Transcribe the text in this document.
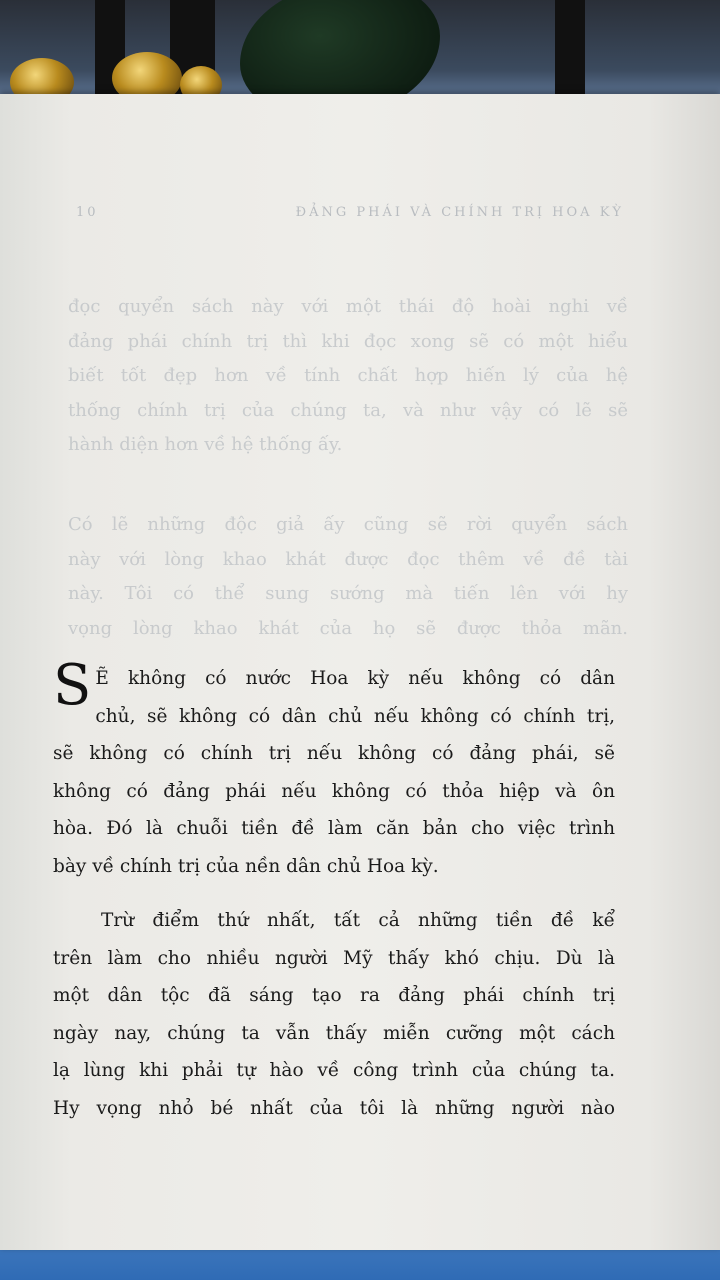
10	ĐẢNG PHÁI VÀ CHÍNH TRỊ HOA KỲ
đọc quyển sách này với một thái độ hoài nghi về
đảng phái chính trị thì khi đọc xong sẽ có một hiểu
biết tốt đẹp hơn về tính chất hợp hiến lý của hệ
thống chính trị của chúng ta, và như vậy có lẽ sẽ
hành diện hơn về hệ thống ấy.
Có lẽ những độc giả ấy cũng sẽ rời quyển sách
này với lòng khao khát được đọc thêm về đề tài
này. Tôi có thể sung sướng mà tiến lên với hy
vọng lòng khao khát của họ sẽ được thỏa mãn.
S Ẽ không có nước Hoa kỳ nếu không có dân
chủ, sẽ không có dân chủ nếu không có chính trị,
sẽ không có chính trị nếu không có đảng phái, sẽ
không có đảng phái nếu không có thỏa hiệp và ôn
hòa. Đó là chuỗi tiền đề làm căn bản cho việc trình
bày về chính trị của nền dân chủ Hoa kỳ.
Trừ điểm thứ nhất, tất cả những tiền đề kể
trên làm cho nhiều người Mỹ thấy khó chịu. Dù là
một dân tộc đã sáng tạo ra đảng phái chính trị
ngày nay, chúng ta vẫn thấy miễn cưỡng một cách
lạ lùng khi phải tự hào về công trình của chúng ta.
Hy vọng nhỏ bé nhất của tôi là những người nào
